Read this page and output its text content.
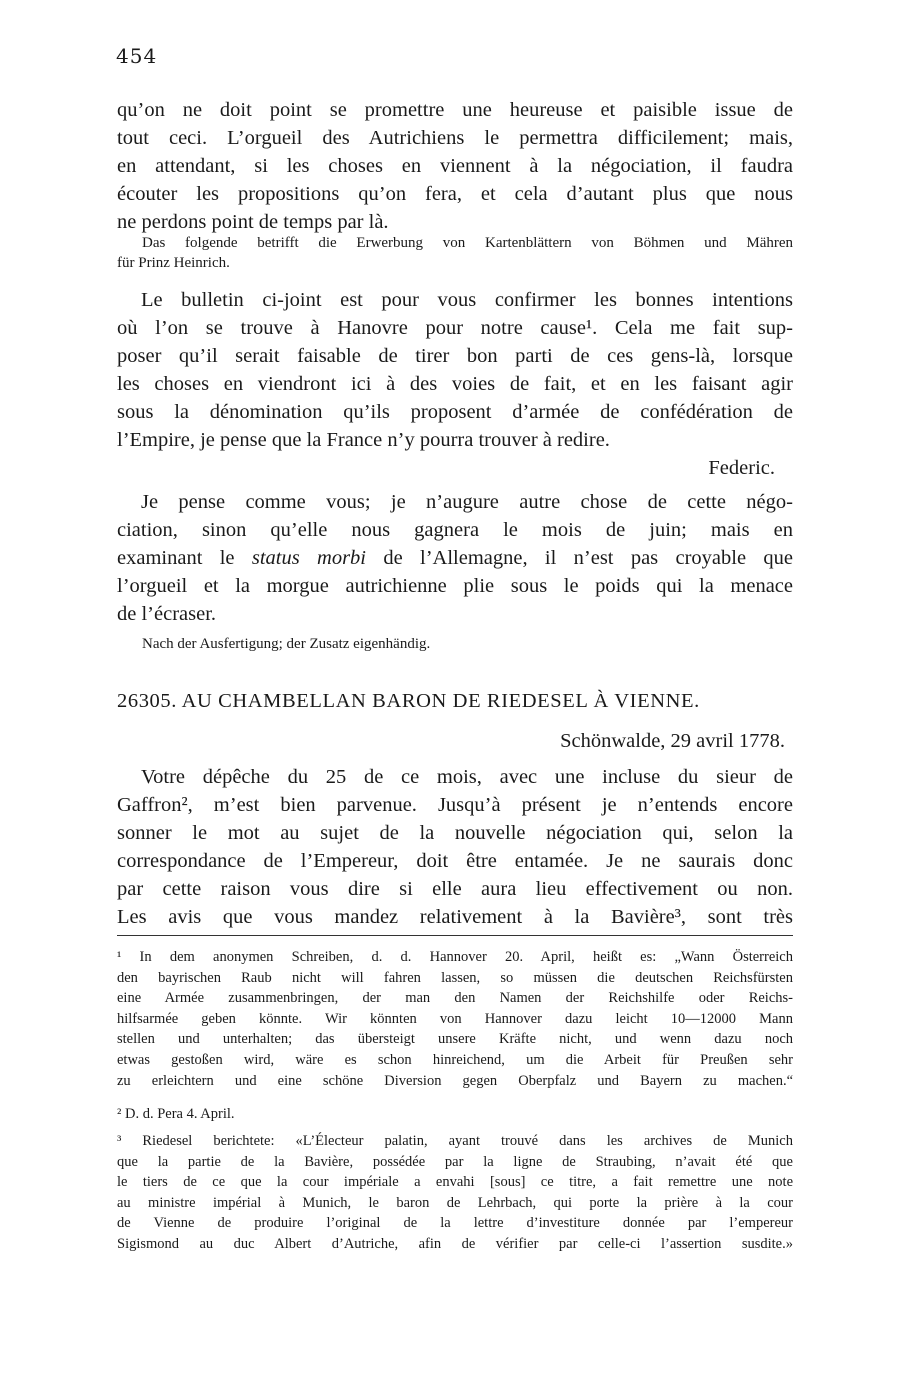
454
qu’on ne doit point se promettre une heureuse et paisible issue de
tout ceci. L’orgueil des Autrichiens le permettra difficilement; mais,
en attendant, si les choses en viennent à la négociation, il faudra
écouter les propositions qu’on fera, et cela d’autant plus que nous
ne perdons point de temps par là.
Das folgende betrifft die Erwerbung von Kartenblättern von Böhmen und Mähren
für Prinz Heinrich.
Le bulletin ci-joint est pour vous confirmer les bonnes intentions
où l’on se trouve à Hanovre pour notre cause¹. Cela me fait sup-
poser qu’il serait faisable de tirer bon parti de ces gens-là, lorsque
les choses en viendront ici à des voies de fait, et en les faisant agir
sous la dénomination qu’ils proposent d’armée de confédération de
l’Empire, je pense que la France n’y pourra trouver à redire.
Federic.
Je pense comme vous; je n’augure autre chose de cette négo-
ciation, sinon qu’elle nous gagnera le mois de juin; mais en
examinant le status morbi de l’Allemagne, il n’est pas croyable que
l’orgueil et la morgue autrichienne plie sous le poids qui la menace
de l’écraser.
Nach der Ausfertigung; der Zusatz eigenhändig.
26305. AU CHAMBELLAN BARON DE RIEDESEL À VIENNE.
Schönwalde, 29 avril 1778.
Votre dépêche du 25 de ce mois, avec une incluse du sieur de
Gaffron², m’est bien parvenue. Jusqu’à présent je n’entends encore
sonner le mot au sujet de la nouvelle négociation qui, selon la
correspondance de l’Empereur, doit être entamée. Je ne saurais donc
par cette raison vous dire si elle aura lieu effectivement ou non.
Les avis que vous mandez relativement à la Bavière³, sont très
¹ In dem anonymen Schreiben, d. d. Hannover 20. April, heißt es: „Wann Österreich
den bayrischen Raub nicht will fahren lassen, so müssen die deutschen Reichsfürsten
eine Armée zusammenbringen, der man den Namen der Reichshilfe oder Reichs-
hilfsarmée geben könnte. Wir könnten von Hannover dazu leicht 10—12000 Mann
stellen und unterhalten; das übersteigt unsere Kräfte nicht, und wenn dazu noch
etwas gestoßen wird, wäre es schon hinreichend, um die Arbeit für Preußen sehr
zu erleichtern und eine schöne Diversion gegen Oberpfalz und Bayern zu machen.“
² D. d. Pera 4. April.
³ Riedesel berichtete: «L’Électeur palatin, ayant trouvé dans les archives de Munich
que la partie de la Bavière, possédée par la ligne de Straubing, n’avait été que
le tiers de ce que la cour impériale a envahi [sous] ce titre, a fait remettre une note
au ministre impérial à Munich, le baron de Lehrbach, qui porte la prière à la cour
de Vienne de produire l’original de la lettre d’investiture donnée par l’empereur
Sigismond au duc Albert d’Autriche, afin de vérifier par celle-ci l’assertion susdite.»
